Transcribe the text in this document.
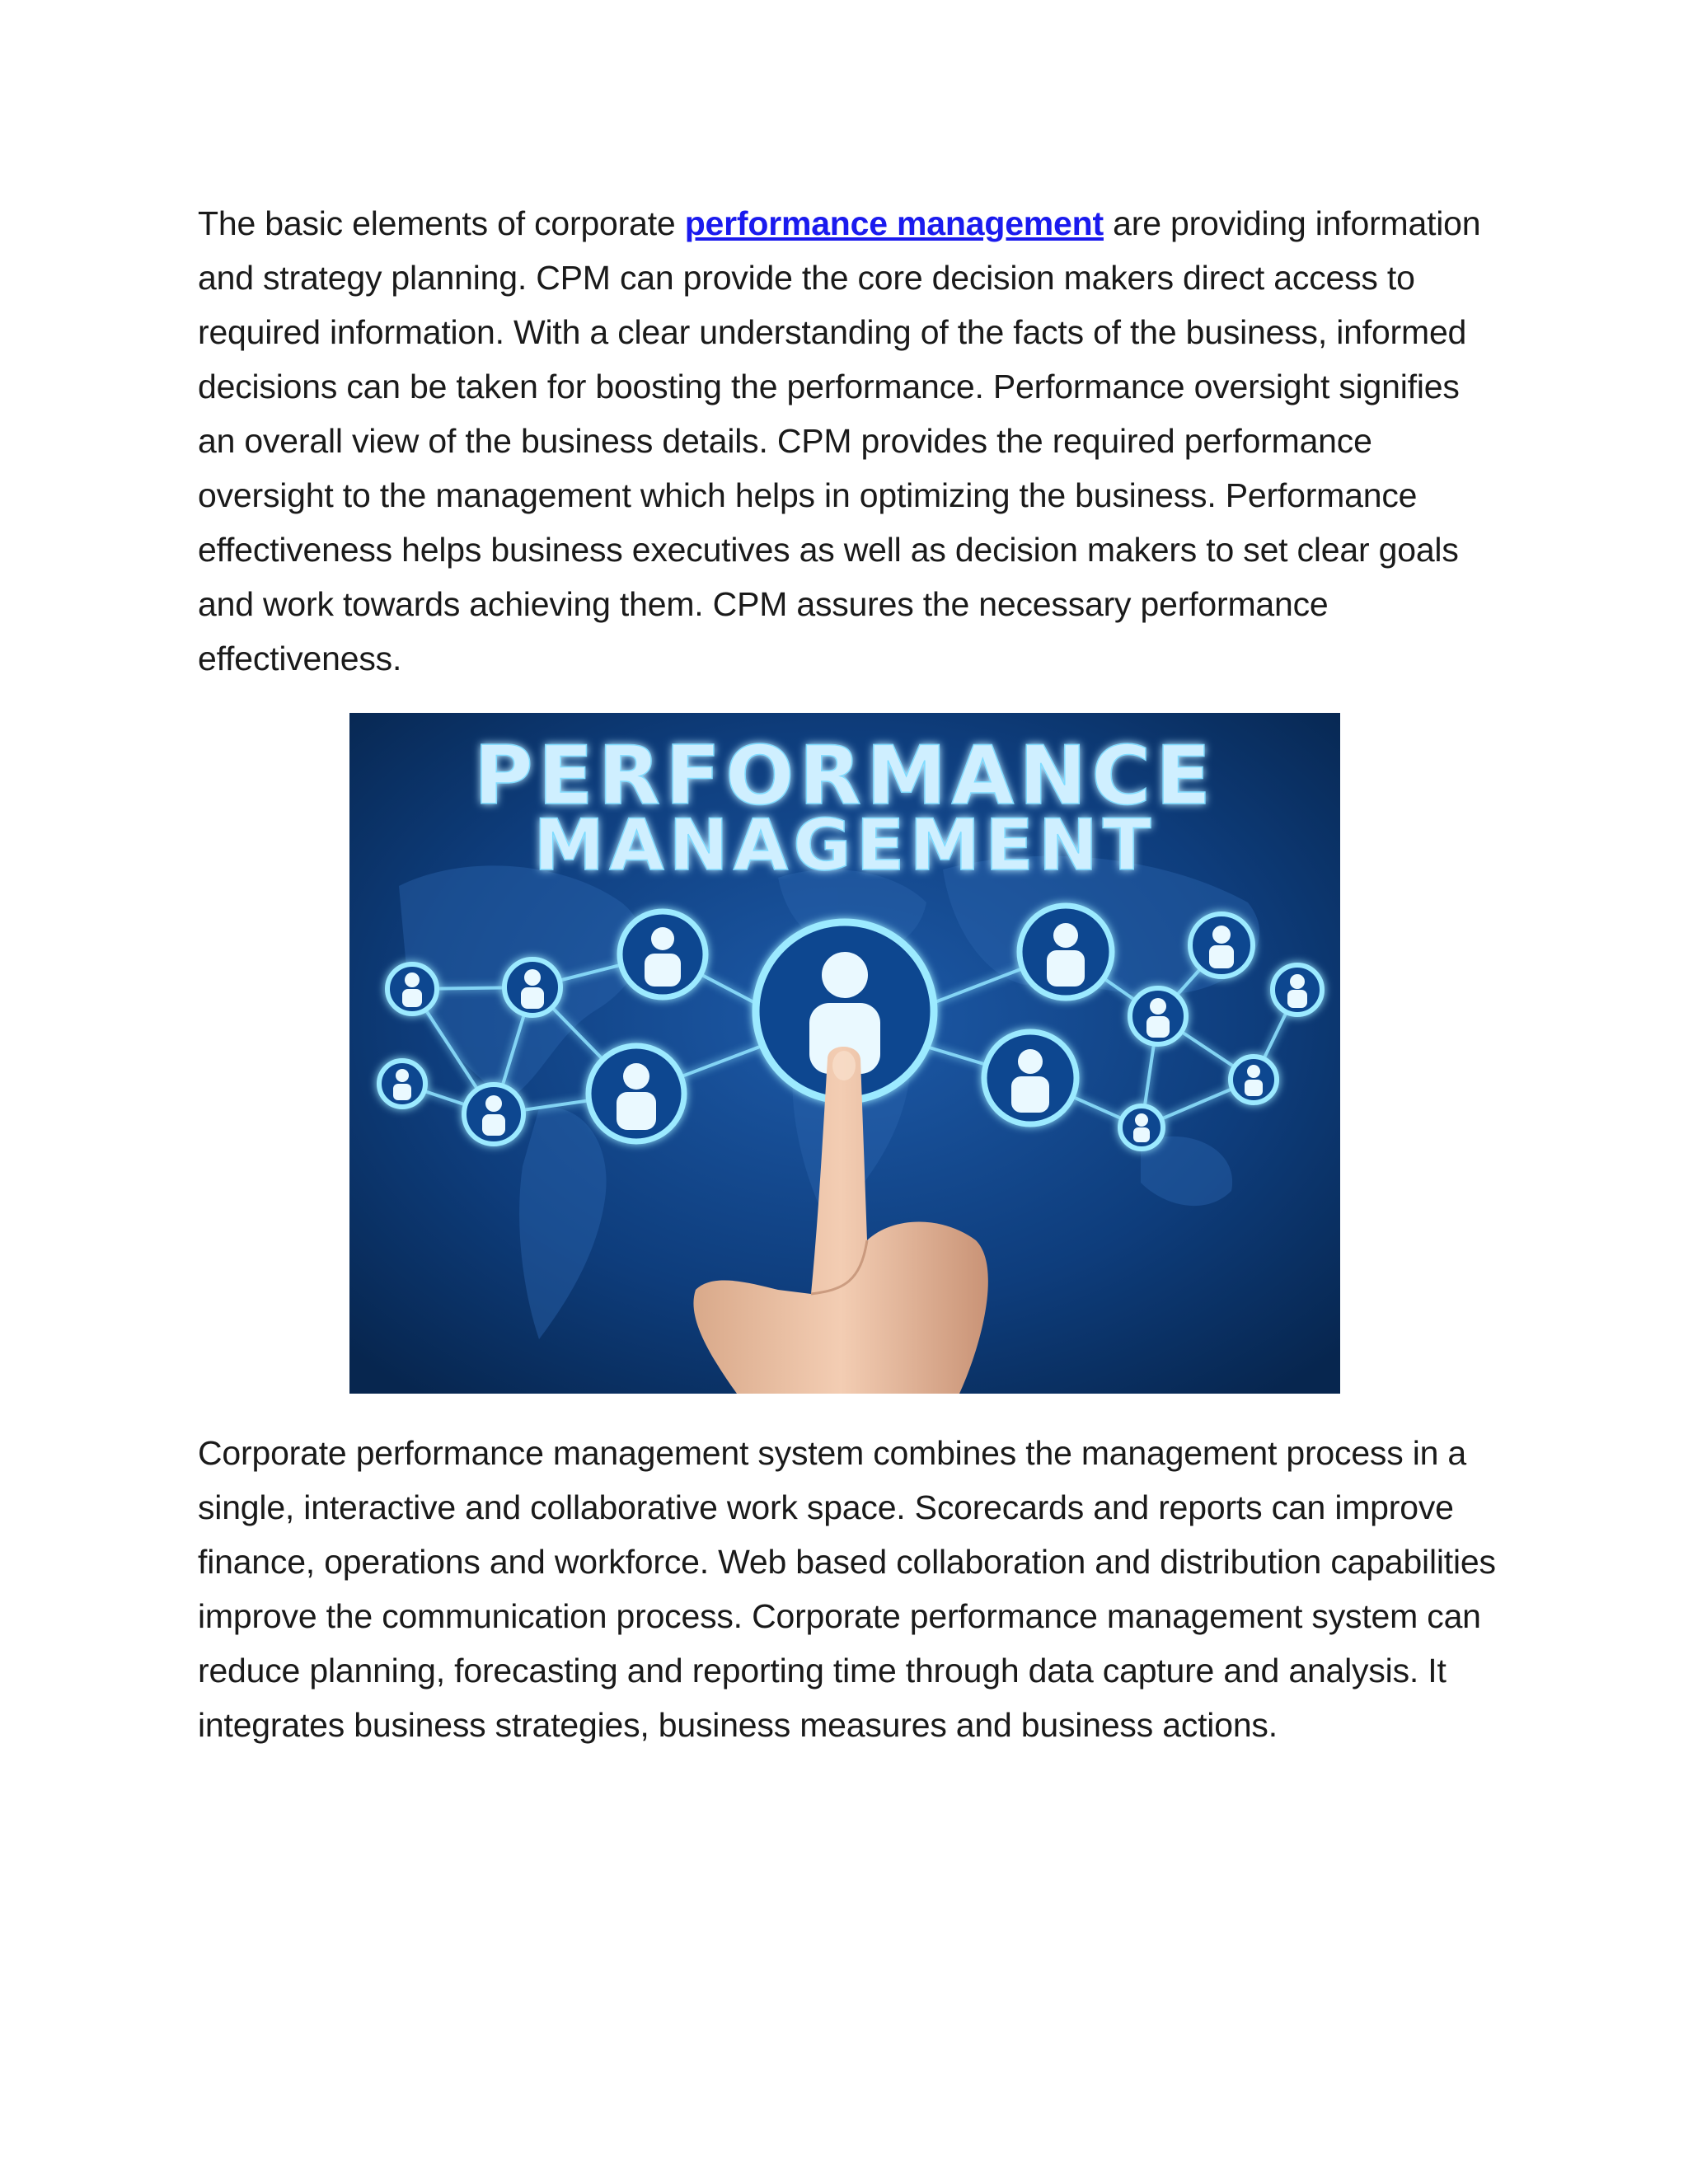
The basic elements of corporate performance management are providing information and strategy planning. CPM can provide the core decision makers direct access to required information. With a clear understanding of the facts of the business, informed decisions can be taken for boosting the performance. Performance oversight signifies an overall view of the business details. CPM provides the required performance oversight to the management which helps in optimizing the business. Performance effectiveness helps business executives as well as decision makers to set clear goals and work towards achieving them. CPM assures the necessary performance effectiveness.

PERFORMANCE
MANAGEMENT

Corporate performance management system combines the management process in a single, interactive and collaborative work space. Scorecards and reports can improve finance, operations and workforce. Web based collaboration and distribution capabilities improve the communication process. Corporate performance management system can reduce planning, forecasting and reporting time through data capture and analysis. It integrates business strategies, business measures and business actions.
